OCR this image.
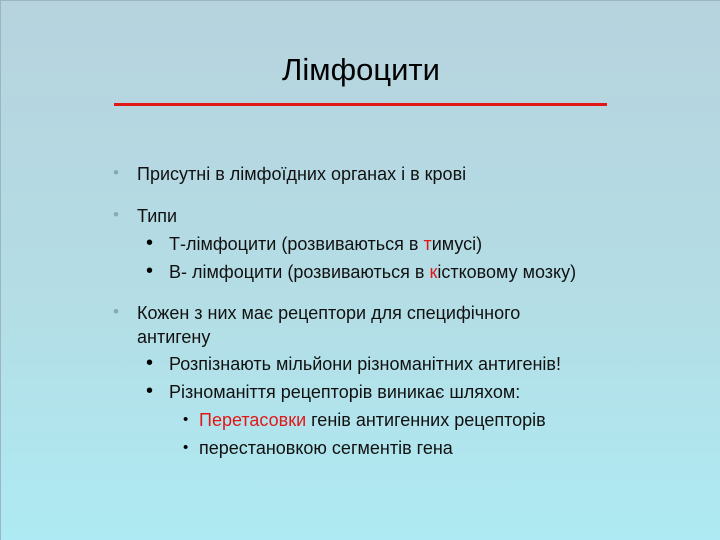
Лімфоцити
• Присутні в лімфоїдних органах і в крові
• Типи
• Т-лімфоцити (розвиваються в тимусі)
• В- лімфоцити (розвиваються в кістковому мозку)
• Кожен з них має рецептори для специфічного
антигену
• Розпізнають мільйони різноманітних антигенів!
• Різноманіття рецепторів виникає шляхом:
• Перетасовки генів антигенних рецепторів
• перестановкою сегментів гена
